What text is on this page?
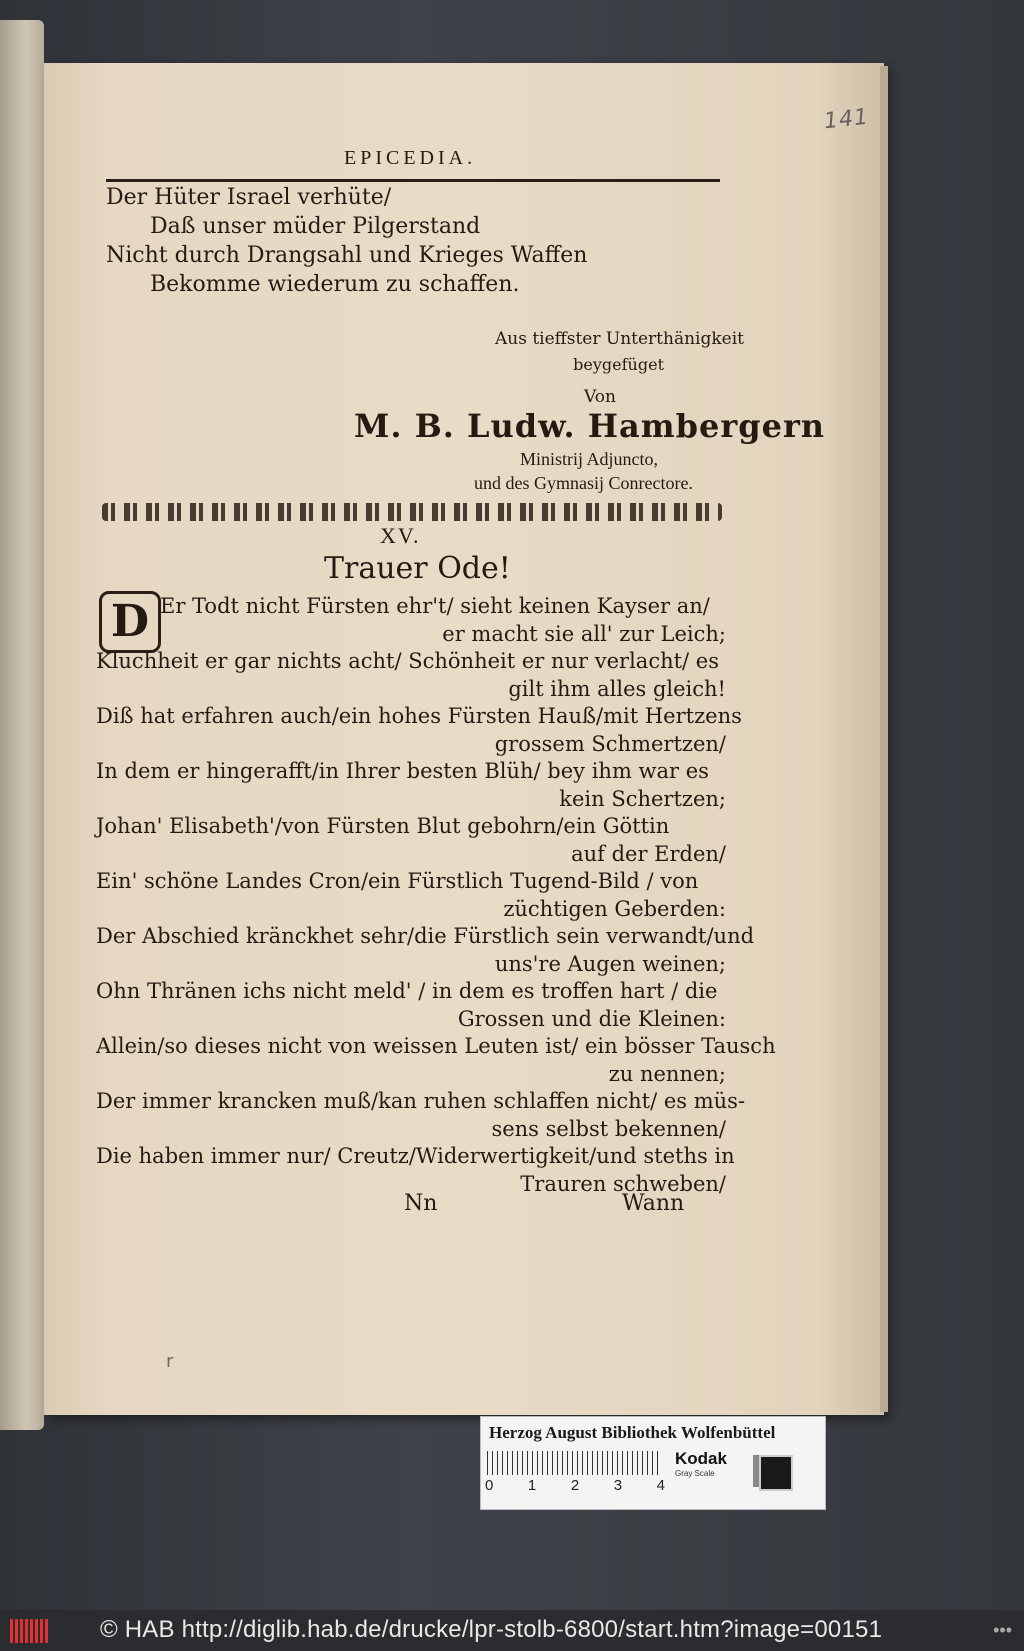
141
EPICEDIA.
Der Hüter Israel verhüte/
Daß unser müder Pilgerstand
Nicht durch Drangsahl und Krieges Waffen
Bekomme wiederum zu schaffen.
Aus tieffster Unterthänigkeit
beygefüget
Von
M. B. Ludw. Hambergern
Ministrij Adjuncto,
und des Gymnasij Conrectore.
XV.
Trauer Ode!
D Er Todt nicht Fürsten ehr't/ sieht keinen Kayser an/
er macht sie all' zur Leich;
Kluchheit er gar nichts acht/ Schönheit er nur verlacht/ es
gilt ihm alles gleich!
Diß hat erfahren auch/ein hohes Fürsten Hauß/mit Hertzens
grossem Schmertzen/
In dem er hingerafft/in Ihrer besten Blüh/ bey ihm war es
kein Schertzen;
Johan' Elisabeth'/von Fürsten Blut gebohrn/ein Göttin
auf der Erden/
Ein' schöne Landes Cron/ein Fürstlich Tugend-Bild / von
züchtigen Geberden:
Der Abschied kränckhet sehr/die Fürstlich sein verwandt/und
uns're Augen weinen;
Ohn Thränen ichs nicht meld' / in dem es troffen hart / die
Grossen und die Kleinen:
Allein/so dieses nicht von weissen Leuten ist/ ein bösser Tausch
zu nennen;
Der immer krancken muß/kan ruhen schlaffen nicht/ es müs-
sens selbst bekennen/
Die haben immer nur/ Creutz/Widerwertigkeit/und steths in
Trauren schweben/
Nn	Wann
r
Herzog August Bibliothek Wolfenbüttel
0 1 2 3 4
Kodak
Gray Scale
© HAB http://diglib.hab.de/drucke/lpr-stolb-6800/start.htm?image=00151	•••
